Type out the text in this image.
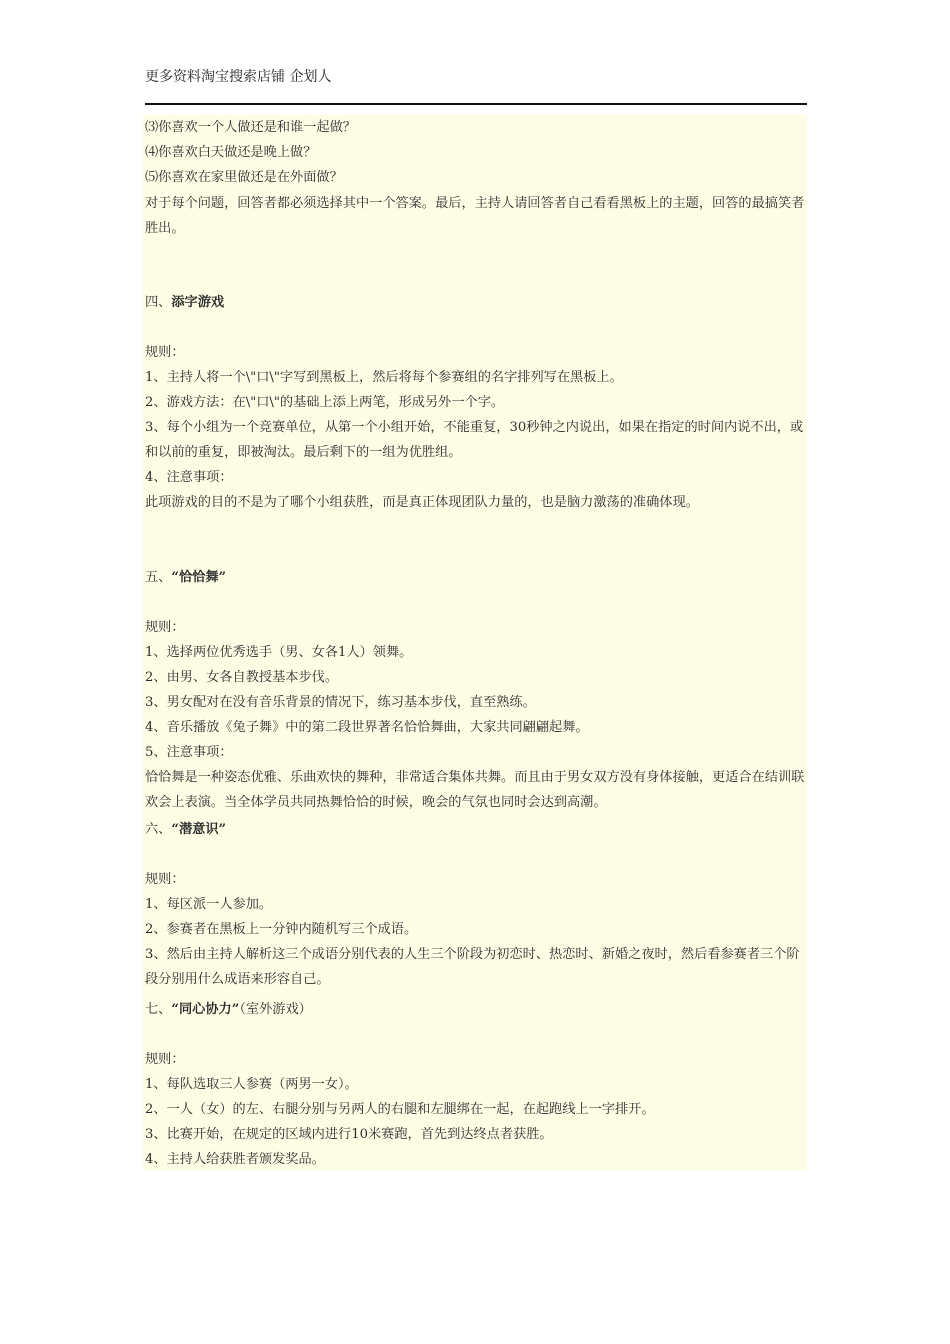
更多资料淘宝搜索店铺 企划人
⑶你喜欢一个人做还是和谁一起做？
⑷你喜欢白天做还是晚上做？
⑸你喜欢在家里做还是在外面做？
对于每个问题，回答者都必须选择其中一个答案。最后，主持人请回答者自己看看黑板上的主题，回答的最搞笑者胜出。
四、添字游戏
规则：
1、主持人将一个\"口\"字写到黑板上，然后将每个参赛组的名字排列写在黑板上。
2、游戏方法：在\"口\"的基础上添上两笔，形成另外一个字。
3、每个小组为一个竞赛单位，从第一个小组开始，不能重复，30秒钟之内说出，如果在指定的时间内说不出，或和以前的重复，即被淘汰。最后剩下的一组为优胜组。
4、注意事项：
此项游戏的目的不是为了哪个小组获胜，而是真正体现团队力量的，也是脑力激荡的准确体现。
五、“恰恰舞”
规则：
1、选择两位优秀选手（男、女各1人）领舞。
2、由男、女各自教授基本步伐。
3、男女配对在没有音乐背景的情况下，练习基本步伐，直至熟练。
4、音乐播放《兔子舞》中的第二段世界著名恰恰舞曲，大家共同翩翩起舞。
5、注意事项：
恰恰舞是一种姿态优雅、乐曲欢快的舞种，非常适合集体共舞。而且由于男女双方没有身体接触，更适合在结训联欢会上表演。当全体学员共同热舞恰恰的时候，晚会的气氛也同时会达到高潮。
六、“潜意识”
规则：
1、每区派一人参加。
2、参赛者在黑板上一分钟内随机写三个成语。
3、然后由主持人解析这三个成语分别代表的人生三个阶段为初恋时、热恋时、新婚之夜时，然后看参赛者三个阶段分别用什么成语来形容自己。
七、“同心协力”（室外游戏）
规则：
1、每队选取三人参赛（两男一女）。
2、一人（女）的左、右腿分别与另两人的右腿和左腿绑在一起，在起跑线上一字排开。
3、比赛开始，在规定的区域内进行10米赛跑，首先到达终点者获胜。
4、主持人给获胜者颁发奖品。
